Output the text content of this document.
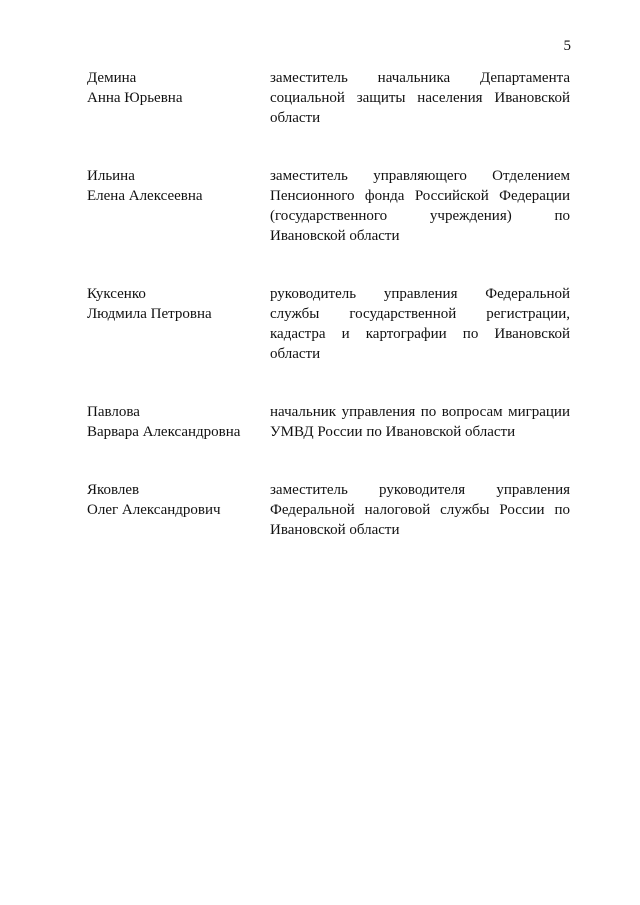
5
Демина
Анна Юрьевна
заместитель начальника Департамента социальной защиты населения Ивановской области
Ильина
Елена Алексеевна
заместитель управляющего Отделением Пенсионного фонда Российской Федерации (государственного учреждения) по Ивановской области
Куксенко
Людмила Петровна
руководитель управления Федеральной службы государственной регистрации, кадастра и картографии по Ивановской области
Павлова
Варвара Александровна
начальник управления по вопросам миграции УМВД России по Ивановской области
Яковлев
Олег Александрович
заместитель руководителя управления Федеральной налоговой службы России по Ивановской области
